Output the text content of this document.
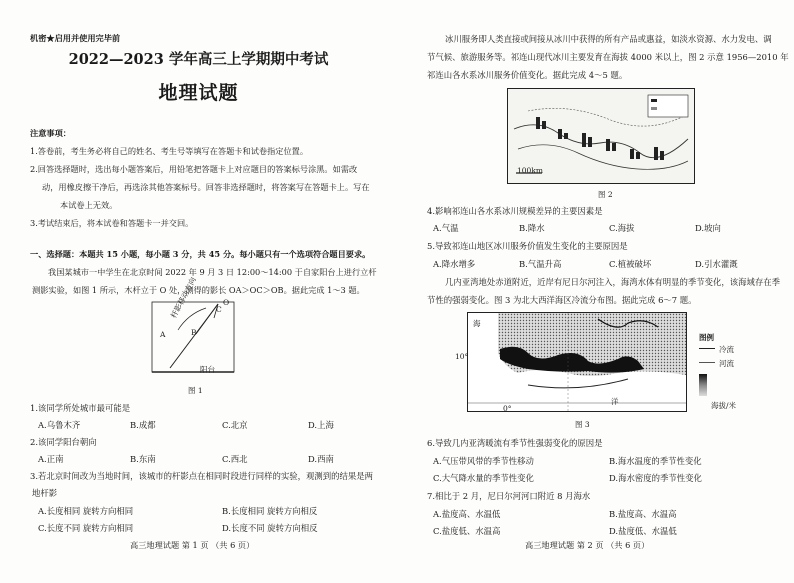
机密★启用并使用完毕前
2022—2023 学年高三上学期期中考试
地理试题
注意事项：
1.答卷前，考生务必将自己的姓名、考生号等填写在答题卡和试卷指定位置。
2.回答选择题时，选出每小题答案后，用铅笔把答题卡上对应题目的答案标号涂黑。如需改
动，用橡皮擦干净后，再选涂其他答案标号。回答非选择题时，将答案写在答题卡上。写在
本试卷上无效。
3.考试结束后，将本试卷和答题卡一并交回。
一、选择题：本题共 15 小题，每小题 3 分，共 45 分。每小题只有一个选项符合题目要求。
我国某城市一中学生在北京时间 2022 年 9 月 3 日 12:00～14:00 于自家阳台上进行立杆
测影实验，如图 1 所示，木杆立于 O 处，测得的影长 OA＞OC＞OB。据此完成 1～3 题。
杆影移动方向
A	B
C
O
阳台
图 1
1.该同学所处城市最可能是
A.乌鲁木齐	B.成都	C.北京	D.上海
2.该同学阳台朝向
A.正南	B.东南	C.西北	D.西南
3.若北京时间改为当地时间，该城市的杆影点在相同时段进行同样的实验，观测到的结果是两
地杆影
A.长度相同 旋转方向相同	B.长度相同 旋转方向相反
C.长度不同 旋转方向相同	D.长度不同 旋转方向相反
高三地理试题 第 1 页 （共 6 页）
冰川服务即人类直接或间接从冰川中获得的所有产品或惠益，如淡水资源、水力发电、调
节气候、旅游服务等。祁连山现代冰川主要发育在海拔 4000 米以上，图 2 示意 1956—2010 年
祁连山各水系冰川服务价值变化。据此完成 4～5 题。
100km
图 2
4.影响祁连山各水系冰川规模差异的主要因素是
A.气温	B.降水	C.海拔	D.坡向
5.导致祁连山地区冰川服务价值发生变化的主要原因是
A.降水增多	B.气温升高	C.植被破坏	D.引水灌溉
几内亚湾地处赤道附近，近岸有尼日尔河注入，海湾水体有明显的季节变化，该海域存在季
节性的强弱变化。图 3 为北大西洋海区冷流分布图。据此完成 6～7 题。
海
洋
10°
0°
图例
冷流
河流
海拔/米
图 3
6.导致几内亚湾暖流有季节性强弱变化的原因是
A.气压带风带的季节性移动	B.海水温度的季节性变化
C.大气降水量的季节性变化	D.海水密度的季节性变化
7.相比于 2 月，尼日尔河河口附近 8 月海水
A.盐度高、水温低	B.盐度高、水温高
C.盐度低、水温高	D.盐度低、水温低
高三地理试题 第 2 页 （共 6 页）
